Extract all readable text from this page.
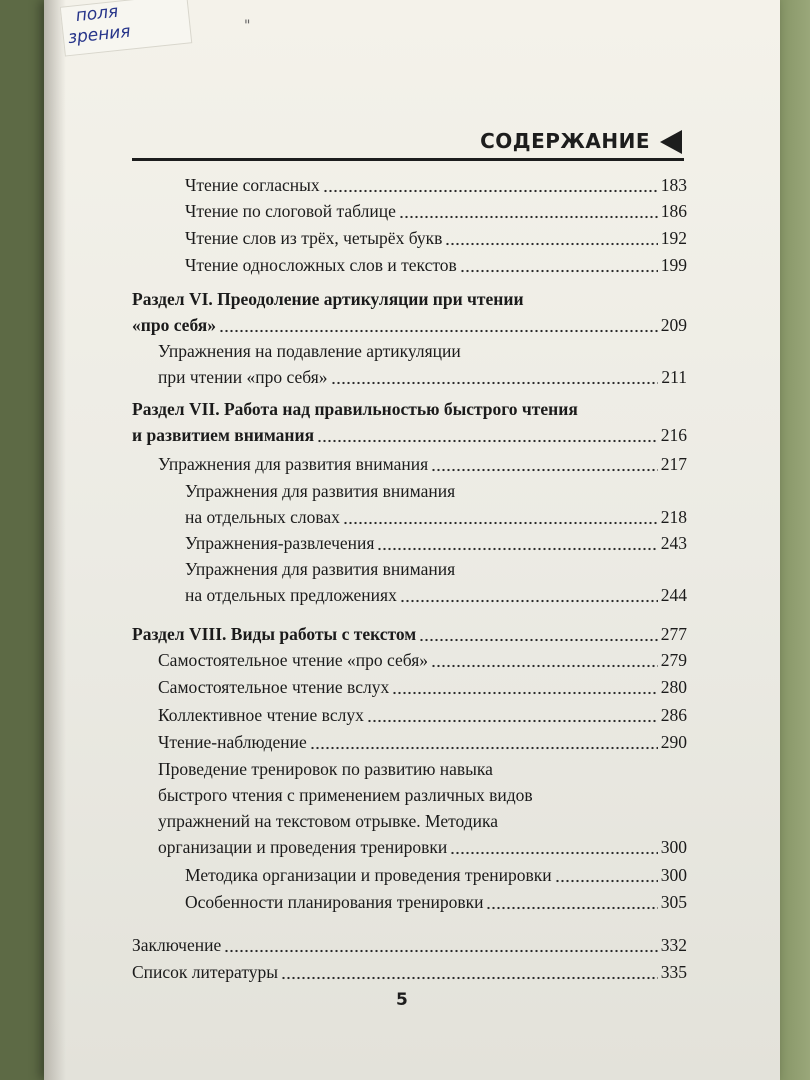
поля
зрения	"
СОДЕРЖАНИЕ
Чтение согласных	183
Чтение по слоговой таблице	186
Чтение слов из трёх, четырёх букв	192
Чтение односложных слов и текстов	199
Раздел VI. Преодоление артикуляции при чтении
«про себя»	209
Упражнения на подавление артикуляции
при чтении «про себя»	211
Раздел VII. Работа над правильностью быстрого чтения
и развитием внимания	216
Упражнения для развития внимания	217
Упражнения для развития внимания
на отдельных словах	218
Упражнения-развлечения	243
Упражнения для развития внимания
на отдельных предложениях	244
Раздел VIII. Виды работы с текстом	277
Самостоятельное чтение «про себя»	279
Самостоятельное чтение вслух	280
Коллективное чтение вслух	286
Чтение-наблюдение	290
Проведение тренировок по развитию навыка
быстрого чтения с применением различных видов
упражнений на текстовом отрывке. Методика
организации и проведения тренировки	300
Методика организации и проведения тренировки	300
Особенности планирования тренировки	305
Заключение	332
Список литературы	335
5
